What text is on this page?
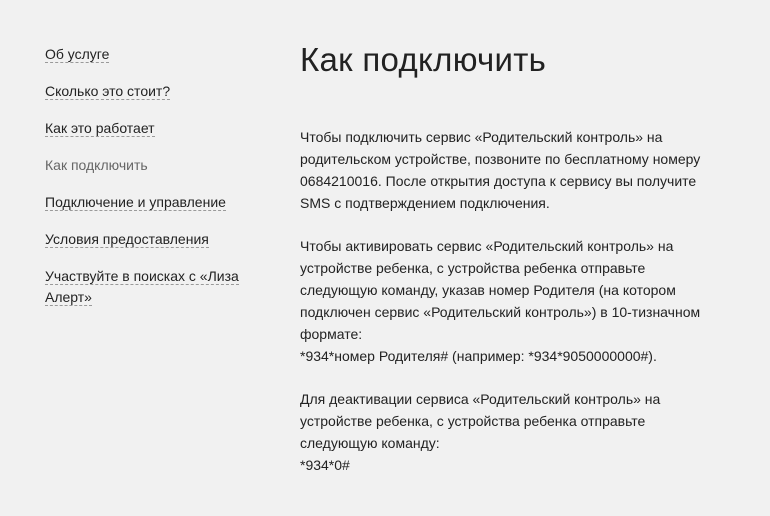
Об услуге
Сколько это стоит?
Как это работает
Как подключить
Подключение и управление
Условия предоставления
Участвуйте в поисках с «Лиза
Алерт»
Как подключить

Чтобы подключить сервис «Родительский контроль» на
родительском устройстве, позвоните по бесплатному номеру
0684210016. После открытия доступа к сервису вы получите
SMS с подтверждением подключения.

Чтобы активировать сервис «Родительский контроль» на
устройстве ребенка, с устройства ребенка отправьте
следующую команду, указав номер Родителя (на котором
подключен сервис «Родительский контроль») в 10-тизначном
формате:
*934*номер Родителя# (например: *934*9050000000#).

Для деактивации сервиса «Родительский контроль» на
устройстве ребенка, с устройства ребенка отправьте
следующую команду:
*934*0#
